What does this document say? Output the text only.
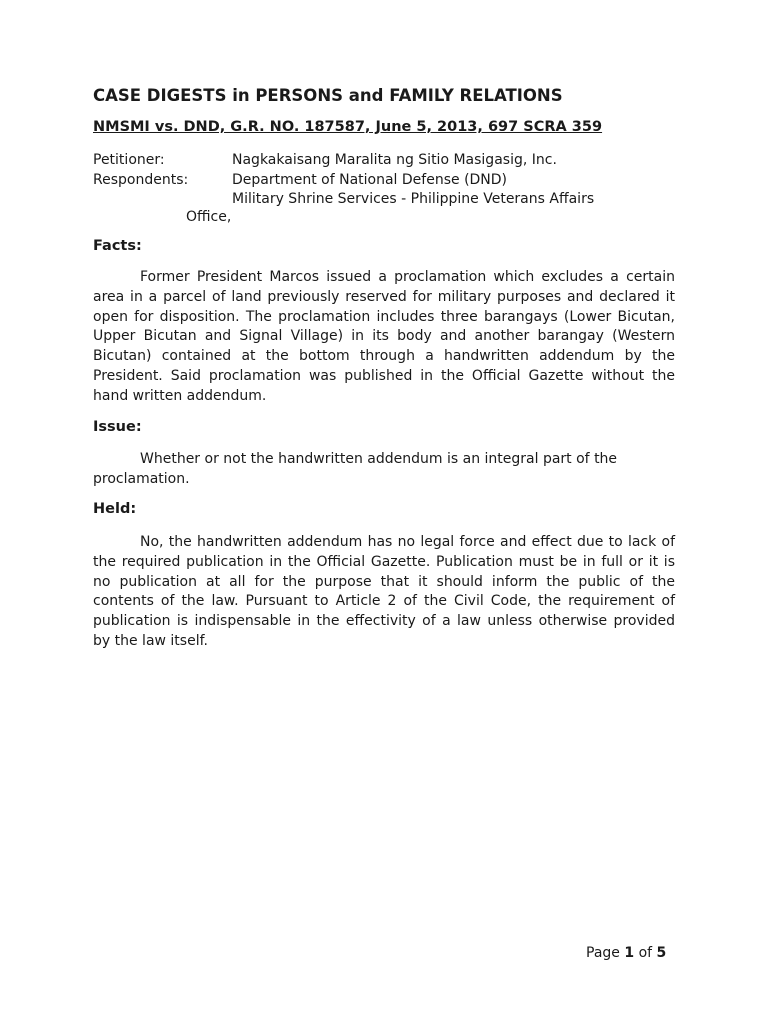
CASE DIGESTS in PERSONS and FAMILY RELATIONS
NMSMI vs. DND, G.R. NO. 187587, June 5, 2013, 697 SCRA 359
Petitioner:	Nagkakaisang Maralita ng Sitio Masigasig, Inc.
Respondents:	Department of National Defense (DND)
Military Shrine Services - Philippine Veterans Affairs
Office,
Facts:

Former President Marcos issued a proclamation which excludes a certain area in a parcel of land previously reserved for military purposes and declared it open for disposition. The proclamation includes three barangays (Lower Bicutan, Upper Bicutan and Signal Village) in its body and another barangay (Western Bicutan) contained at the bottom through a handwritten addendum by the President. Said proclamation was published in the Official Gazette without the hand written addendum.

Issue:

Whether or not the handwritten addendum is an integral part of the proclamation.

Held:

No, the handwritten addendum has no legal force and effect due to lack of the required publication in the Official Gazette. Publication must be in full or it is no publication at all for the purpose that it should inform the public of the contents of the law. Pursuant to Article 2 of the Civil Code, the requirement of publication is indispensable in the effectivity of a law unless otherwise provided by the law itself.

Page 1 of 5
